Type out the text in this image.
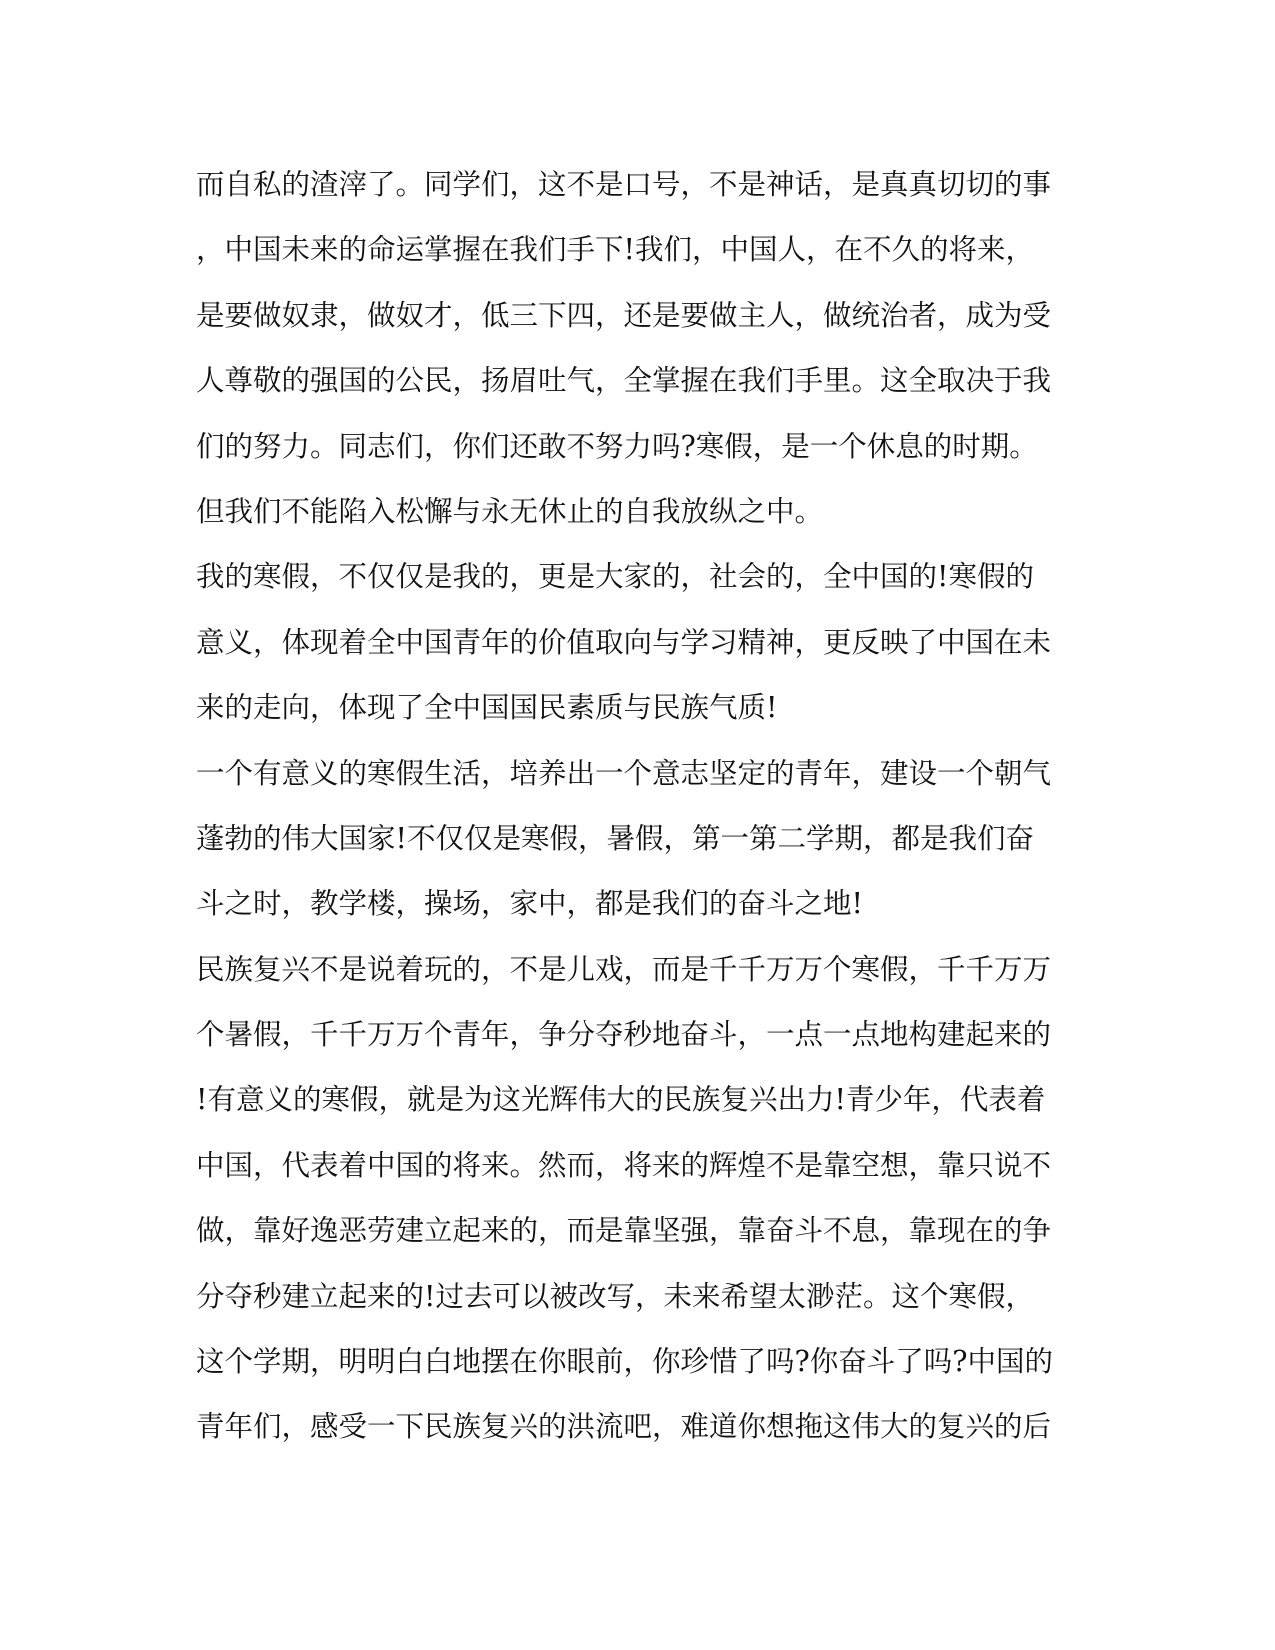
而自私的渣滓了。同学们，这不是口号，不是神话，是真真切切的事
，中国未来的命运掌握在我们手下!我们，中国人，在不久的将来，
是要做奴隶，做奴才，低三下四，还是要做主人，做统治者，成为受
人尊敬的强国的公民，扬眉吐气，全掌握在我们手里。这全取决于我
们的努力。同志们，你们还敢不努力吗?寒假，是一个休息的时期。
但我们不能陷入松懈与永无休止的自我放纵之中。
我的寒假，不仅仅是我的，更是大家的，社会的，全中国的!寒假的
意义，体现着全中国青年的价值取向与学习精神，更反映了中国在未
来的走向，体现了全中国国民素质与民族气质!
一个有意义的寒假生活，培养出一个意志坚定的青年，建设一个朝气
蓬勃的伟大国家!不仅仅是寒假，暑假，第一第二学期，都是我们奋
斗之时，教学楼，操场，家中，都是我们的奋斗之地!
民族复兴不是说着玩的，不是儿戏，而是千千万万个寒假，千千万万
个暑假，千千万万个青年，争分夺秒地奋斗，一点一点地构建起来的
!有意义的寒假，就是为这光辉伟大的民族复兴出力!青少年，代表着
中国，代表着中国的将来。然而，将来的辉煌不是靠空想，靠只说不
做，靠好逸恶劳建立起来的，而是靠坚强，靠奋斗不息，靠现在的争
分夺秒建立起来的!过去可以被改写，未来希望太渺茫。这个寒假，
这个学期，明明白白地摆在你眼前，你珍惜了吗?你奋斗了吗?中国的
青年们，感受一下民族复兴的洪流吧，难道你想拖这伟大的复兴的后
